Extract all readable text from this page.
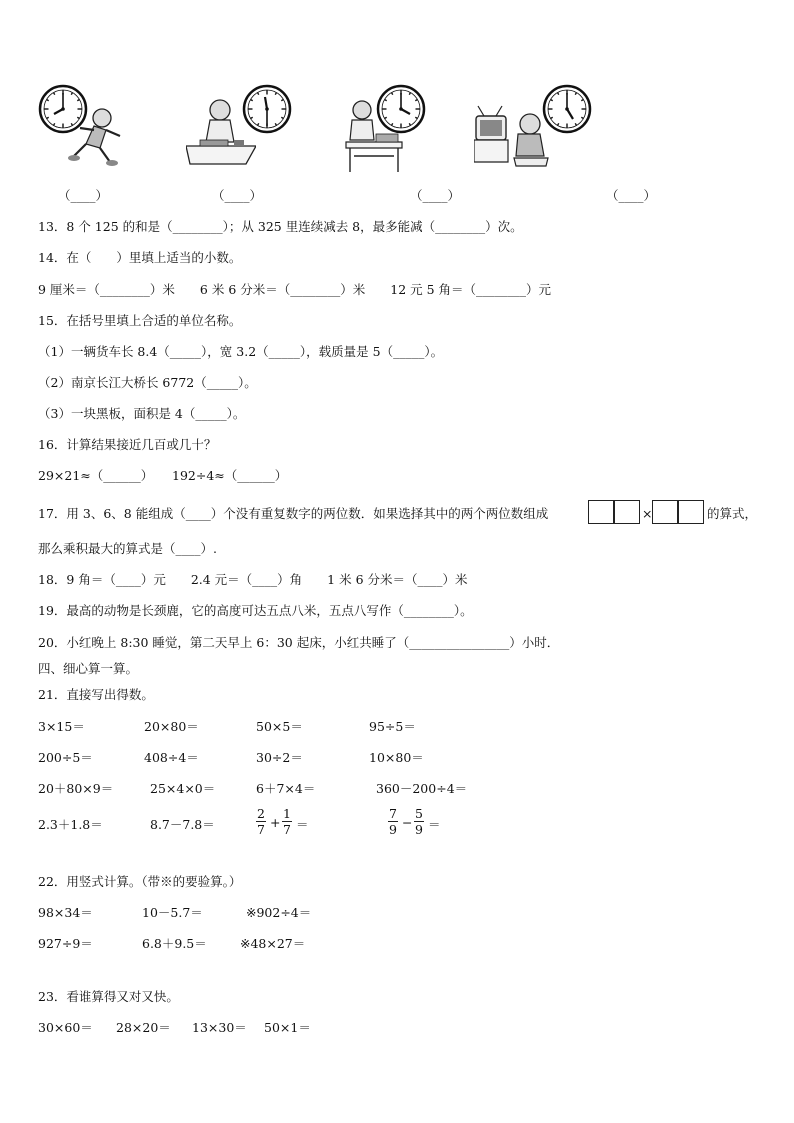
（____）	（____）	（____）	（____）
13．8 个 125 的和是（________）；从 325 里连续减去 8，最多能减（________）次。
14．在（　　）里填上适当的小数。
9 厘米＝（________）米　　6 米 6 分米＝（________）米　　12 元 5 角＝（________）元
15．在括号里填上合适的单位名称。
（1）一辆货车长 8.4（_____），宽 3.2（_____），载质量是 5（_____）。
（2）南京长江大桥长 6772（_____）。
（3）一块黑板，面积是 4（_____）。
16．计算结果接近几百或几十？
29×21≈（______）　　192÷4≈（______）
17．用 3、6、8 能组成（____）个没有重复数字的两位数．如果选择其中的两个两位数组成	×	的算式，
那么乘积最大的算式是（____）.
18．9 角＝（____）元　　2.4 元＝（____）角　　1 米 6 分米＝（____）米
19．最高的动物是长颈鹿，它的高度可达五点八米，五点八写作（________）。
20．小红晚上 8:30 睡觉，第二天早上 6：30 起床，小红共睡了（________________）小时．
四、细心算一算。
21．直接写出得数。
3×15＝	20×80＝	50×5＝	95÷5＝
200÷5＝	408÷4＝	30÷2＝	10×80＝
20＋80×9＝	25×4×0＝	6＋7×4＝	360－200÷4＝
2.3＋1.8＝	8.7－7.8＝	$\frac{2}{7} + \frac{1}{7}$ ＝	$\frac{7}{9} - \frac{5}{9}$ ＝
22．用竖式计算。（带※的要验算。）
98×34＝	10－5.7＝	※902÷4＝
927÷9＝	6.8＋9.5＝	※48×27＝
23．看谁算得又对又快。
30×60＝ 28×20＝ 13×30＝ 50×1＝
